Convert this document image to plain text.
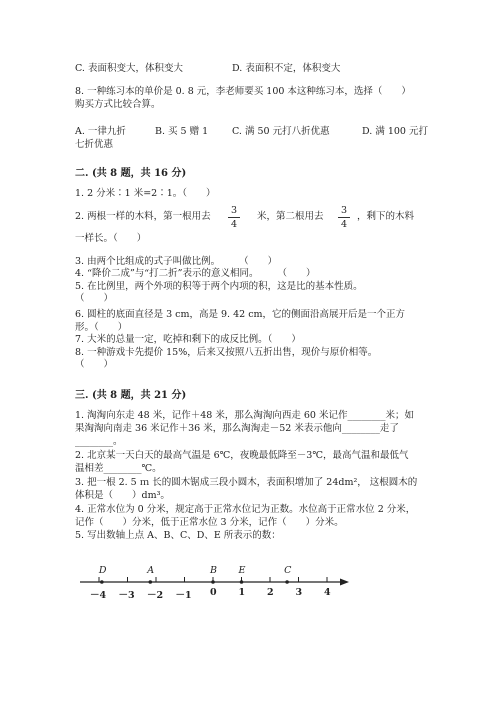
C. 表面积变大，体积变大	D. 表面积不定，体积变大
8. 一种练习本的单价是 0. 8 元，李老师要买 100 本这种练习本，选择（　　）
购买方式比较合算。
A. 一律九折	B. 买 5 赠 1	C. 满 50 元打八折优惠	D. 满 100 元打
七折优惠
二. (共 8 题，共 16 分)
1. 2 分米∶1 米=2∶1。（　　）
2. 两根一样的木料，第一根用去
3
4
米，第二根用去
3
4
，剩下的木料
一样长。（　　）
3. 由两个比组成的式子叫做比例。　　　（　　）
4. “降价二成”与“打二折”表示的意义相同。　　　（　　）
5. 在比例里，两个外项的积等于两个内项的积，这是比的基本性质。
（　　）
6. 圆柱的底面直径是 3 cm，高是 9. 42 cm，它的侧面沿高展开后是一个正方
形。（　　）
7. 大米的总量一定，吃掉和剩下的成反比例。（　　）
8. 一种游戏卡先提价 15%，后来又按照八五折出售，现价与原价相等。
（　　）
三. (共 8 题，共 21 分)
1. 淘淘向东走 48 米，记作＋48 米，那么淘淘向西走 60 米记作________米；如
果淘淘向南走 36 米记作＋36 米，那么淘淘走－52 米表示他向________走了
________。
2. 北京某一天白天的最高气温是 6℃，夜晚最低降至－3℃，最高气温和最低气
温相差________℃。
3. 把一根 2. 5 ｍ 长的圆木锯成三段小圆木，表面积增加了 24dm²， 这根圆木的
体积是（　　）dm³。
4. 正常水位为 0 分米，规定高于正常水位记为正数。水位高于正常水位 2 分米，
记作（　　）分米，低于正常水位 3 分米，记作（　　）分米。
5. 写出数轴上点 A、B、C、D、E 所表示的数：
－4 －3 －2 －1 0 1 2 3 4
D	A	B E	C
